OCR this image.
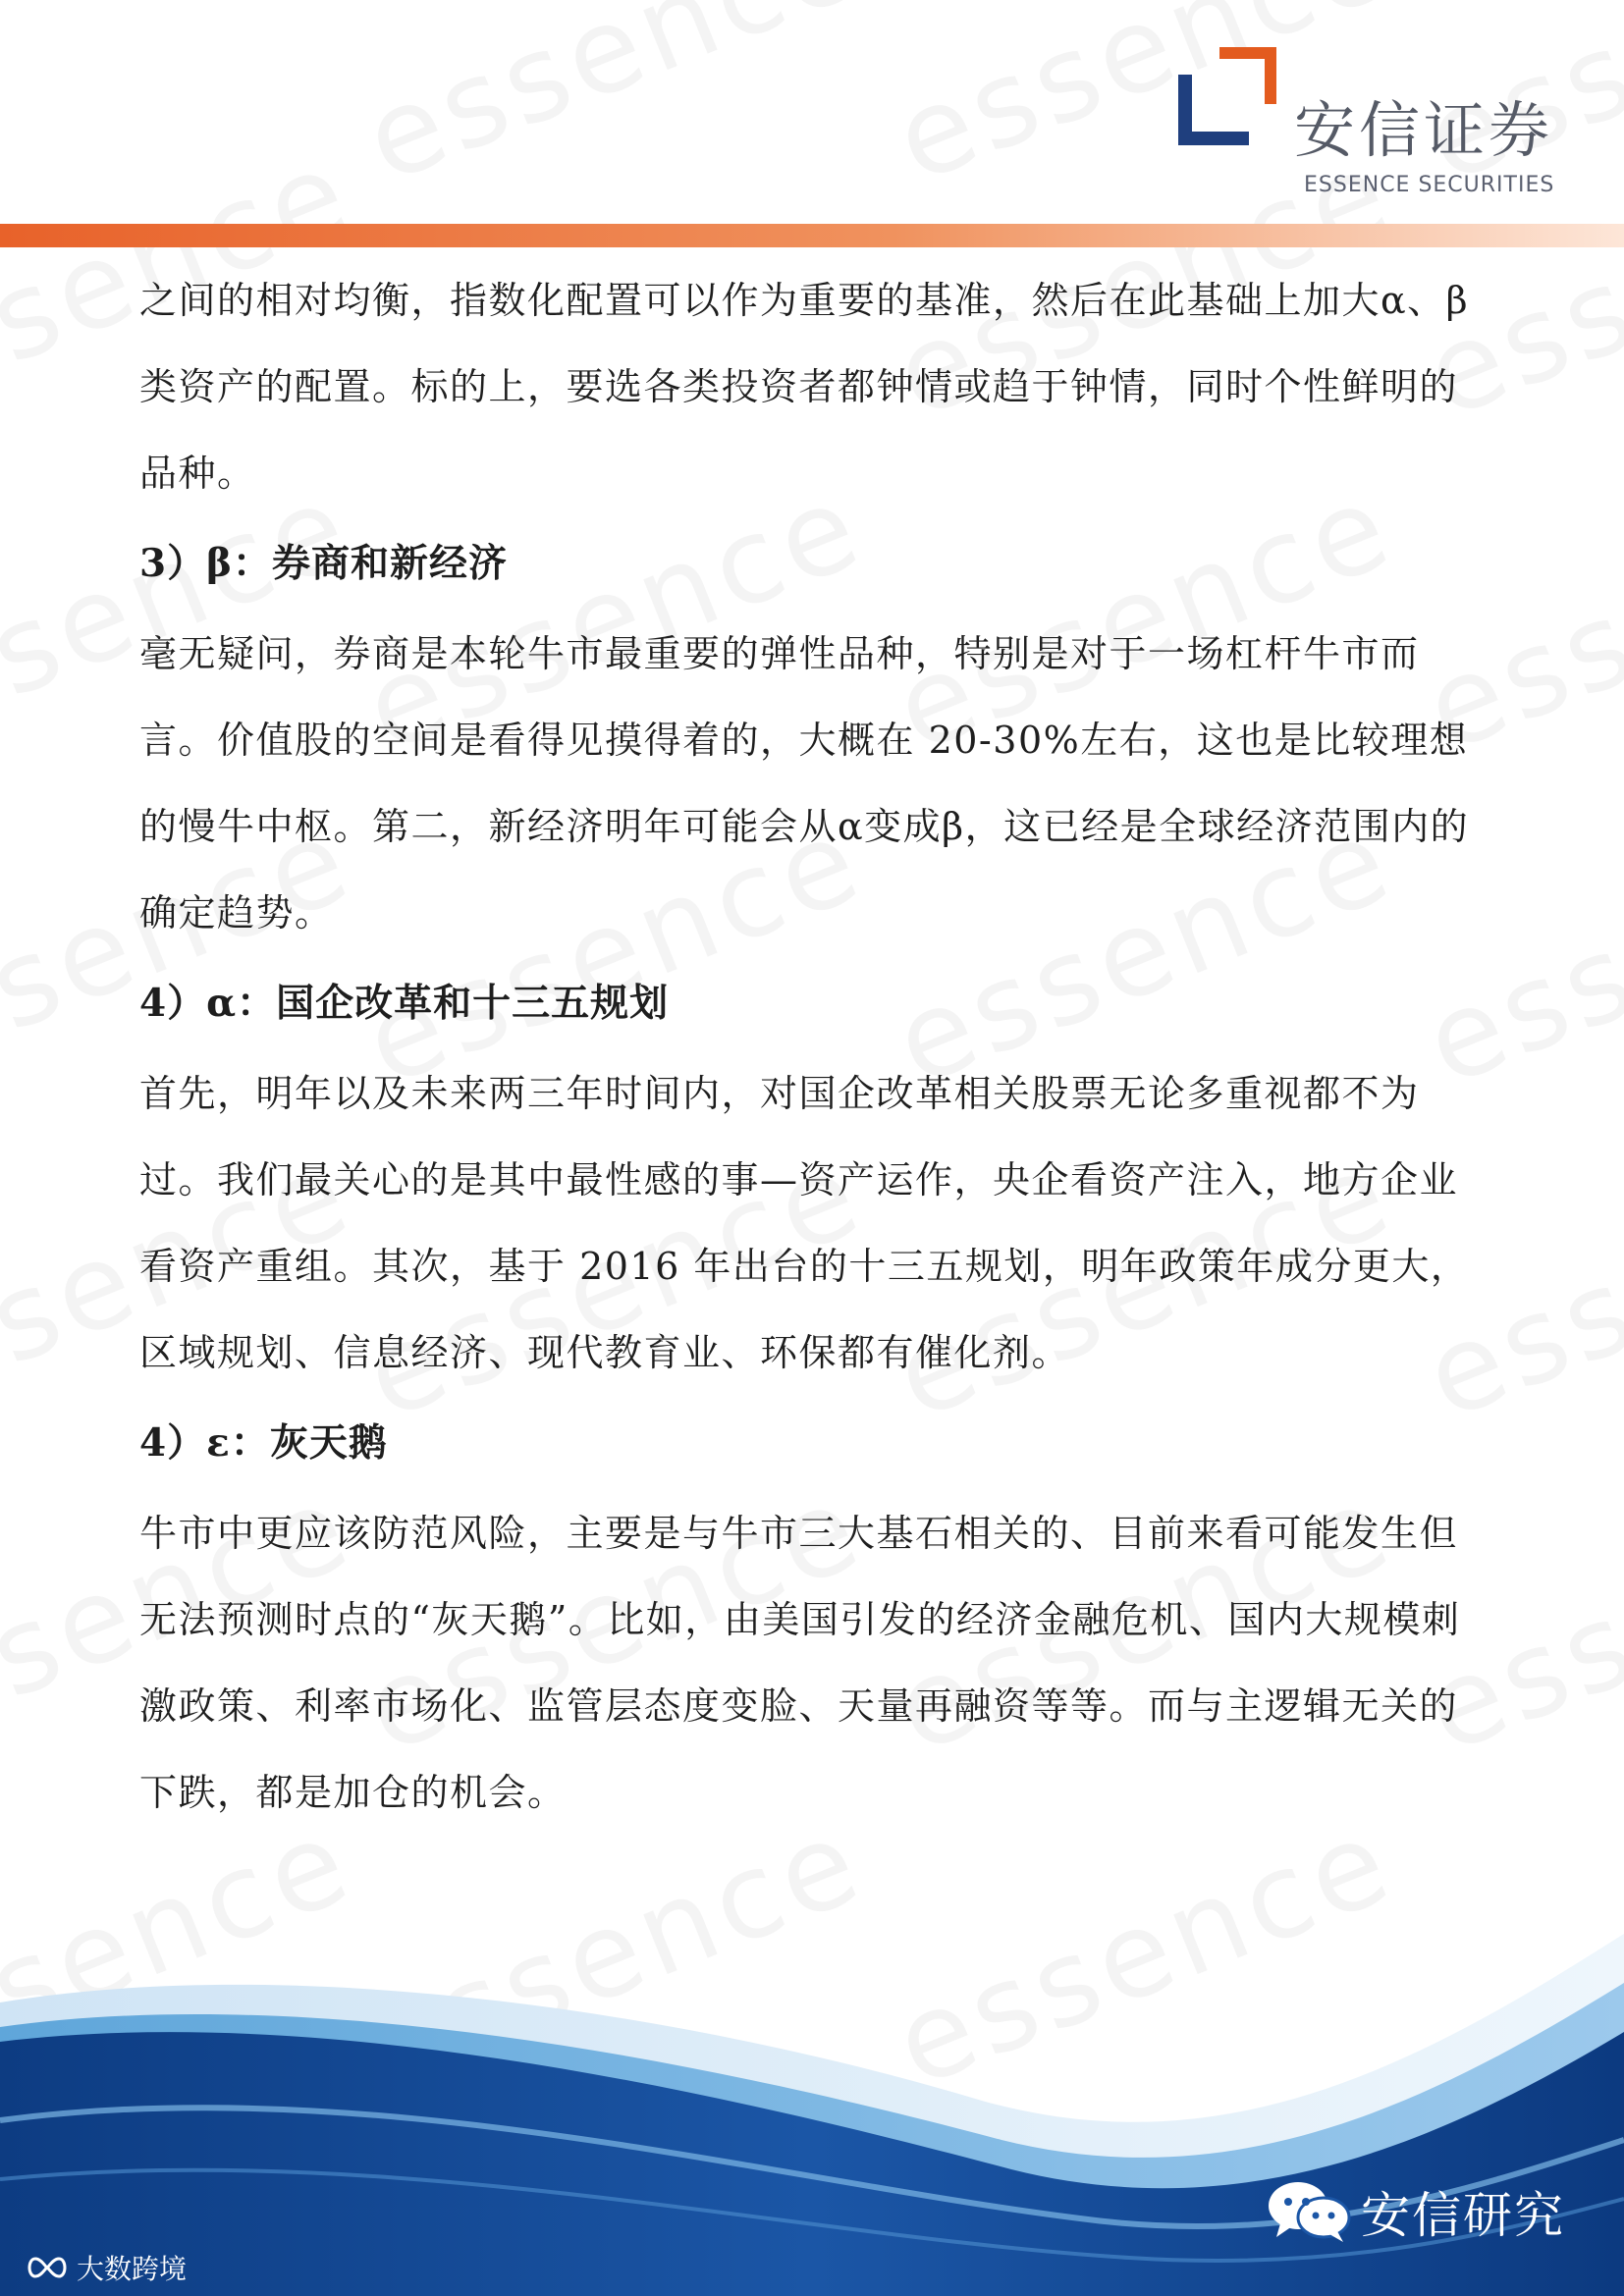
安信证券
ESSENCE SECURITIES

之间的相对均衡，指数化配置可以作为重要的基准，然后在此基础上加大α、β类资产的配置。标的上，要选各类投资者都钟情或趋于钟情，同时个性鲜明的品种。

3）β：券商和新经济

毫无疑问，券商是本轮牛市最重要的弹性品种，特别是对于一场杠杆牛市而言。价值股的空间是看得见摸得着的，大概在 20-30%左右，这也是比较理想的慢牛中枢。第二，新经济明年可能会从α变成β，这已经是全球经济范围内的确定趋势。

4）α：国企改革和十三五规划

首先，明年以及未来两三年时间内，对国企改革相关股票无论多重视都不为过。我们最关心的是其中最性感的事—资产运作，央企看资产注入，地方企业看资产重组。其次，基于 2016 年出台的十三五规划，明年政策年成分更大，区域规划、信息经济、现代教育业、环保都有催化剂。

4）ε：灰天鹅

牛市中更应该防范风险，主要是与牛市三大基石相关的、目前来看可能发生但无法预测时点的“灰天鹅”。比如，由美国引发的经济金融危机、国内大规模刺激政策、利率市场化、监管层态度变脸、天量再融资等等。而与主逻辑无关的下跌，都是加仓的机会。

安信研究
大数跨境
